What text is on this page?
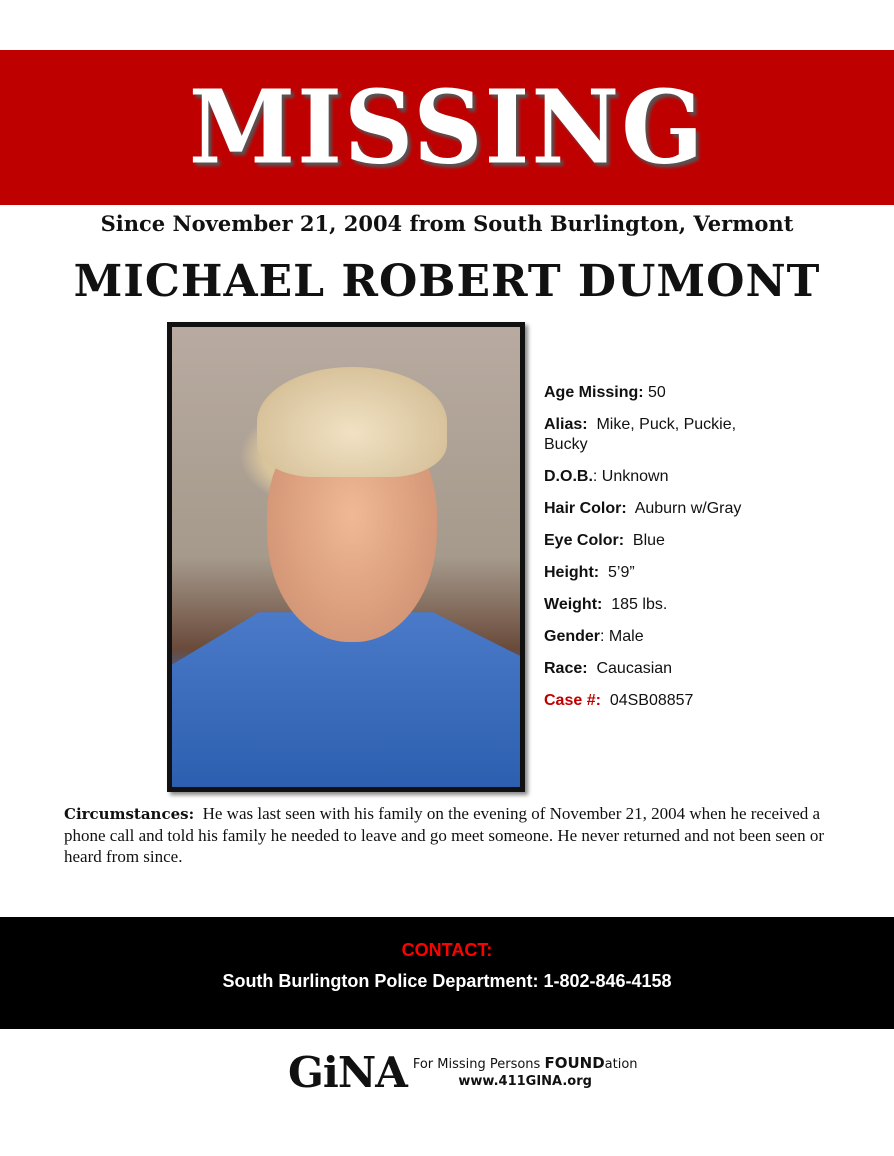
MISSING
Since November 21, 2004 from South Burlington, Vermont
MICHAEL ROBERT DUMONT
Age Missing: 50
Alias: Mike, Puck, Puckie, Bucky
D.O.B.: Unknown
Hair Color: Auburn w/Gray
Eye Color: Blue
Height: 5’9”
Weight: 185 lbs.
Gender: Male
Race: Caucasian
Case #: 04SB08857
Circumstances: He was last seen with his family on the evening of November 21, 2004 when he received a phone call and told his family he needed to leave and go meet someone. He never returned and not been seen or heard from since.
CONTACT:
South Burlington Police Department: 1-802-846-4158
GiNA For Missing Persons FOUNDation
www.411GINA.org
